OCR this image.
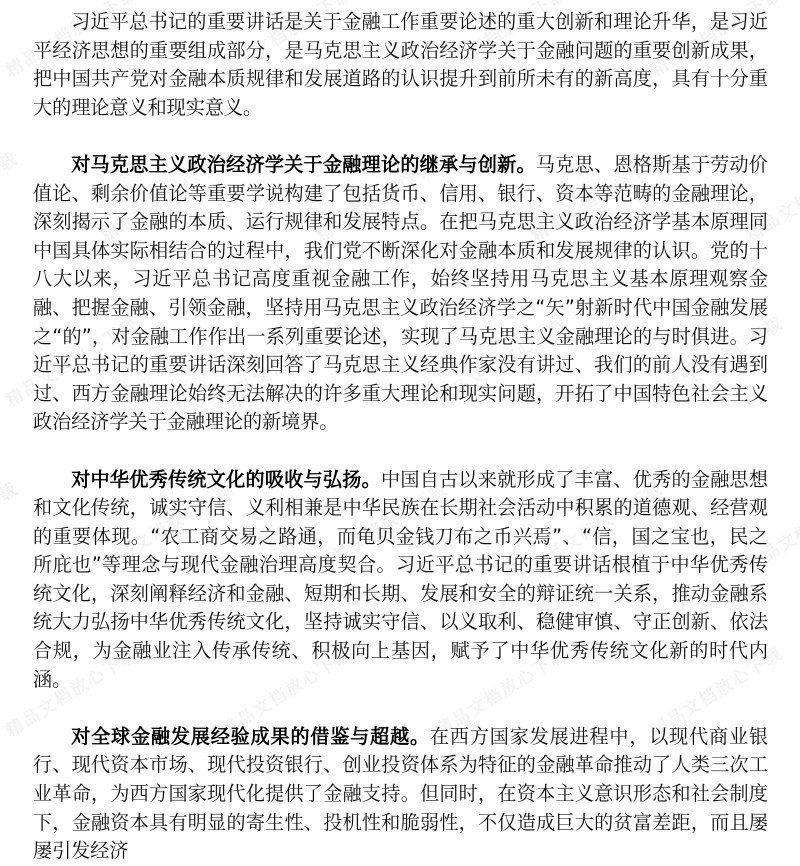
习近平总书记的重要讲话是关于金融工作重要论述的重大创新和理论升华，是习近平经济思想的重要组成部分，是马克思主义政治经济学关于金融问题的重要创新成果，把中国共产党对金融本质规律和发展道路的认识提升到前所未有的新高度，具有十分重大的理论意义和现实意义。

对马克思主义政治经济学关于金融理论的继承与创新。马克思、恩格斯基于劳动价值论、剩余价值论等重要学说构建了包括货币、信用、银行、资本等范畴的金融理论，深刻揭示了金融的本质、运行规律和发展特点。在把马克思主义政治经济学基本原理同中国具体实际相结合的过程中，我们党不断深化对金融本质和发展规律的认识。党的十八大以来，习近平总书记高度重视金融工作，始终坚持用马克思主义基本原理观察金融、把握金融、引领金融，坚持用马克思主义政治经济学之“矢”射新时代中国金融发展之“的”，对金融工作作出一系列重要论述，实现了马克思主义金融理论的与时俱进。习近平总书记的重要讲话深刻回答了马克思主义经典作家没有讲过、我们的前人没有遇到过、西方金融理论始终无法解决的许多重大理论和现实问题，开拓了中国特色社会主义政治经济学关于金融理论的新境界。

对中华优秀传统文化的吸收与弘扬。中国自古以来就形成了丰富、优秀的金融思想和文化传统，诚实守信、义利相兼是中华民族在长期社会活动中积累的道德观、经营观的重要体现。“农工商交易之路通，而龟贝金钱刀布之币兴焉”、“信，国之宝也，民之所庇也”等理念与现代金融治理高度契合。习近平总书记的重要讲话根植于中华优秀传统文化，深刻阐释经济和金融、短期和长期、发展和安全的辩证统一关系，推动金融系统大力弘扬中华优秀传统文化，坚持诚实守信、以义取利、稳健审慎、守正创新、依法合规，为金融业注入传承传统、积极向上基因，赋予了中华优秀传统文化新的时代内涵。

对全球金融发展经验成果的借鉴与超越。在西方国家发展进程中，以现代商业银行、现代资本市场、现代投资银行、创业投资体系为特征的金融革命推动了人类三次工业革命，为西方国家现代化提供了金融支持。但同时，在资本主义意识形态和社会制度下，金融资本具有明显的寄生性、投机性和脆弱性，不仅造成巨大的贫富差距，而且屡屡引发经济
